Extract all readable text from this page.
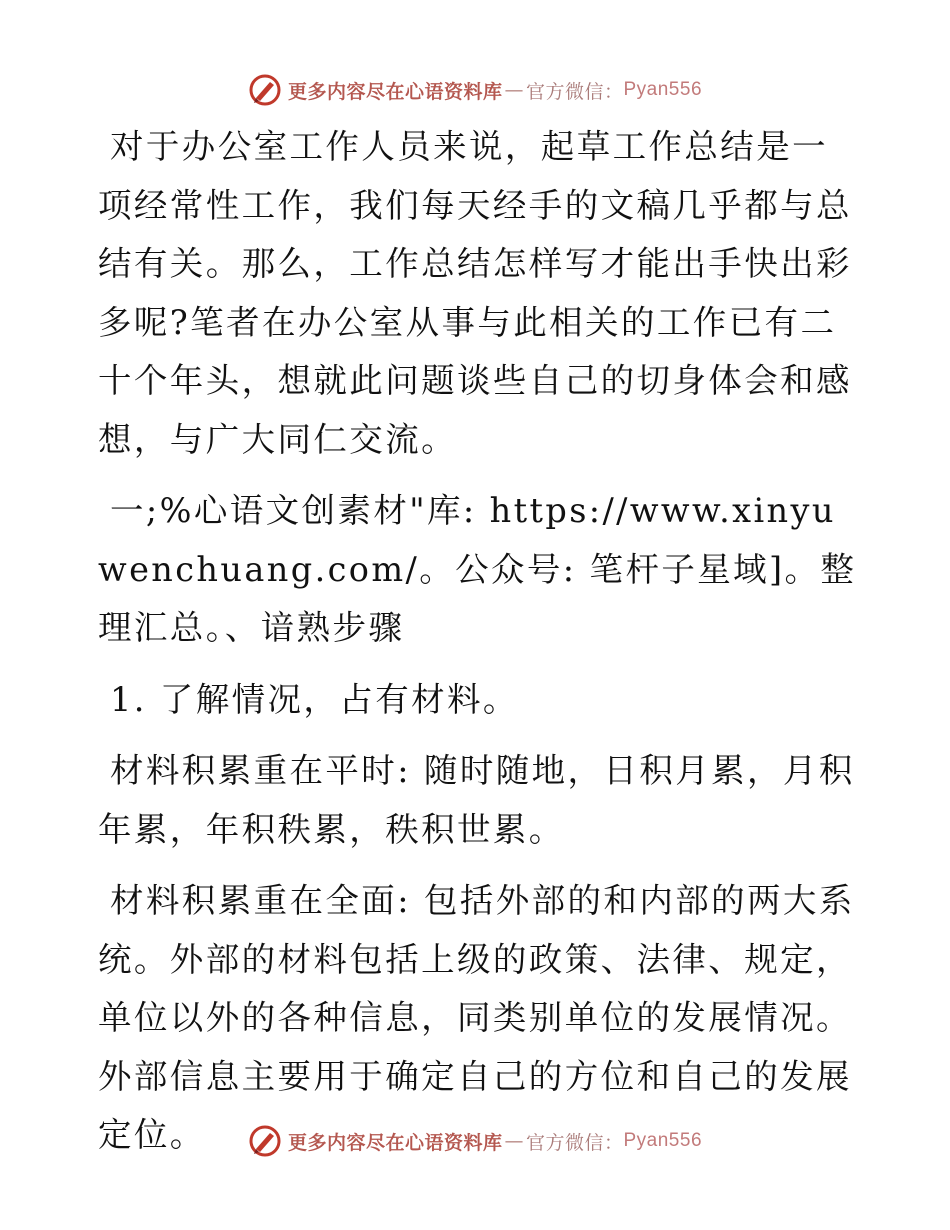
更多内容尽在心语资料库 — 官方微信： Pyan556

对于办公室工作人员来说，起草工作总结是一项经常性工作，我们每天经手的文稿几乎都与总结有关。那么，工作总结怎样写才能出手快出彩多呢?笔者在办公室从事与此相关的工作已有二十个年头，想就此问题谈些自己的切身体会和感想，与广大同仁交流。

一;%心语文创素材"库: https://www.xinyuwenchuang.com/。公众号: 笔杆子星域]。整理汇总。、谙熟步骤

1. 了解情况，占有材料。

材料积累重在平时: 随时随地，日积月累，月积年累，年积秩累，秩积世累。

材料积累重在全面: 包括外部的和内部的两大系统。外部的材料包括上级的政策、法律、规定，单位以外的各种信息，同类别单位的发展情况。外部信息主要用于确定自己的方位和自己的发展定位。	更多内容尽在心语资料库 — 官方微信： Pyan556
